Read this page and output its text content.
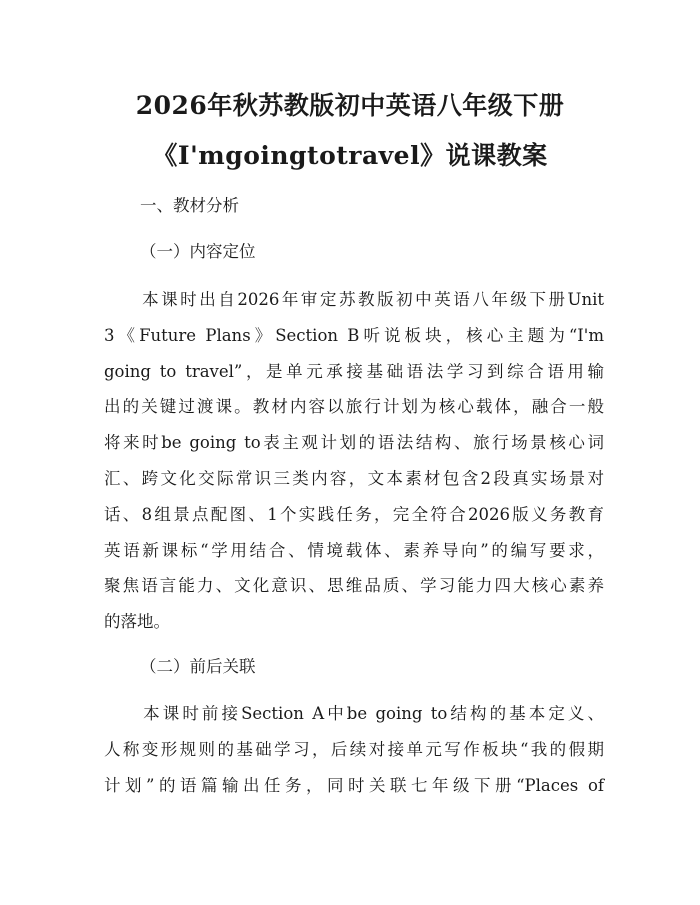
2026年秋苏教版初中英语八年级下册
《I'mgoingtotravel》说课教案
一、教材分析
（一）内容定位
　　本课时出自2026年审定苏教版初中英语八年级下册Unit
3《Future Plans》Section B听说板块，核心主题为“I'm
going to travel”，是单元承接基础语法学习到综合语用输
出的关键过渡课。教材内容以旅行计划为核心载体，融合一般
将来时be going to表主观计划的语法结构、旅行场景核心词
汇、跨文化交际常识三类内容，文本素材包含2段真实场景对
话、8组景点配图、1个实践任务，完全符合2026版义务教育
英语新课标“学用结合、情境载体、素养导向”的编写要求，
聚焦语言能力、文化意识、思维品质、学习能力四大核心素养
的落地。
（二）前后关联
　　本课时前接Section A中be going to结构的基本定义、
人称变形规则的基础学习，后续对接单元写作板块“我的假期
计划”的语篇输出任务，同时关联七年级下册“Places of
